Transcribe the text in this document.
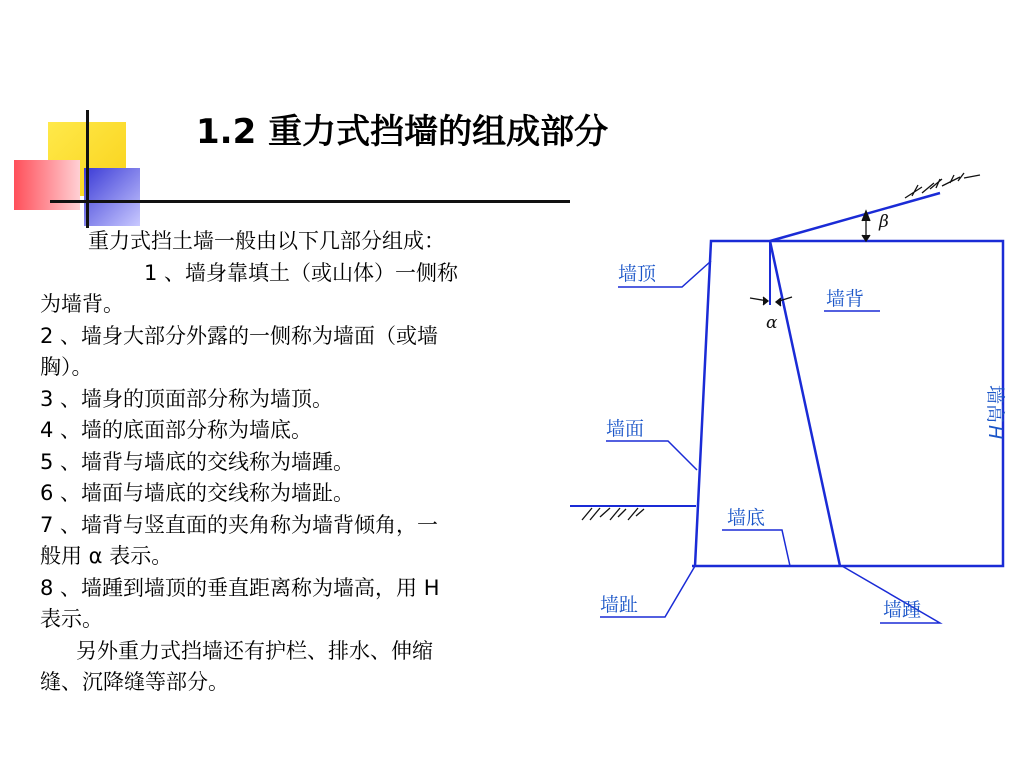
1.2 重力式挡墙的组成部分
重力式挡土墙一般由以下几部分组成：
1 、墙身靠填土（或山体）一侧称
为墙背。
2 、墙身大部分外露的一侧称为墙面（或墙
胸）。
3 、墙身的顶面部分称为墙顶。
4 、墙的底面部分称为墙底。
5 、墙背与墙底的交线称为墙踵。
6 、墙面与墙底的交线称为墙趾。
7 、墙背与竖直面的夹角称为墙背倾角，一
般用 α 表示。
8 、墙踵到墙顶的垂直距离称为墙高，用 H
表示。
另外重力式挡墙还有护栏、排水、伸缩
缝、沉降缝等部分。
墙顶
墙背
墙面
墙底
墙趾	墙踵
墙高
H
β
α
